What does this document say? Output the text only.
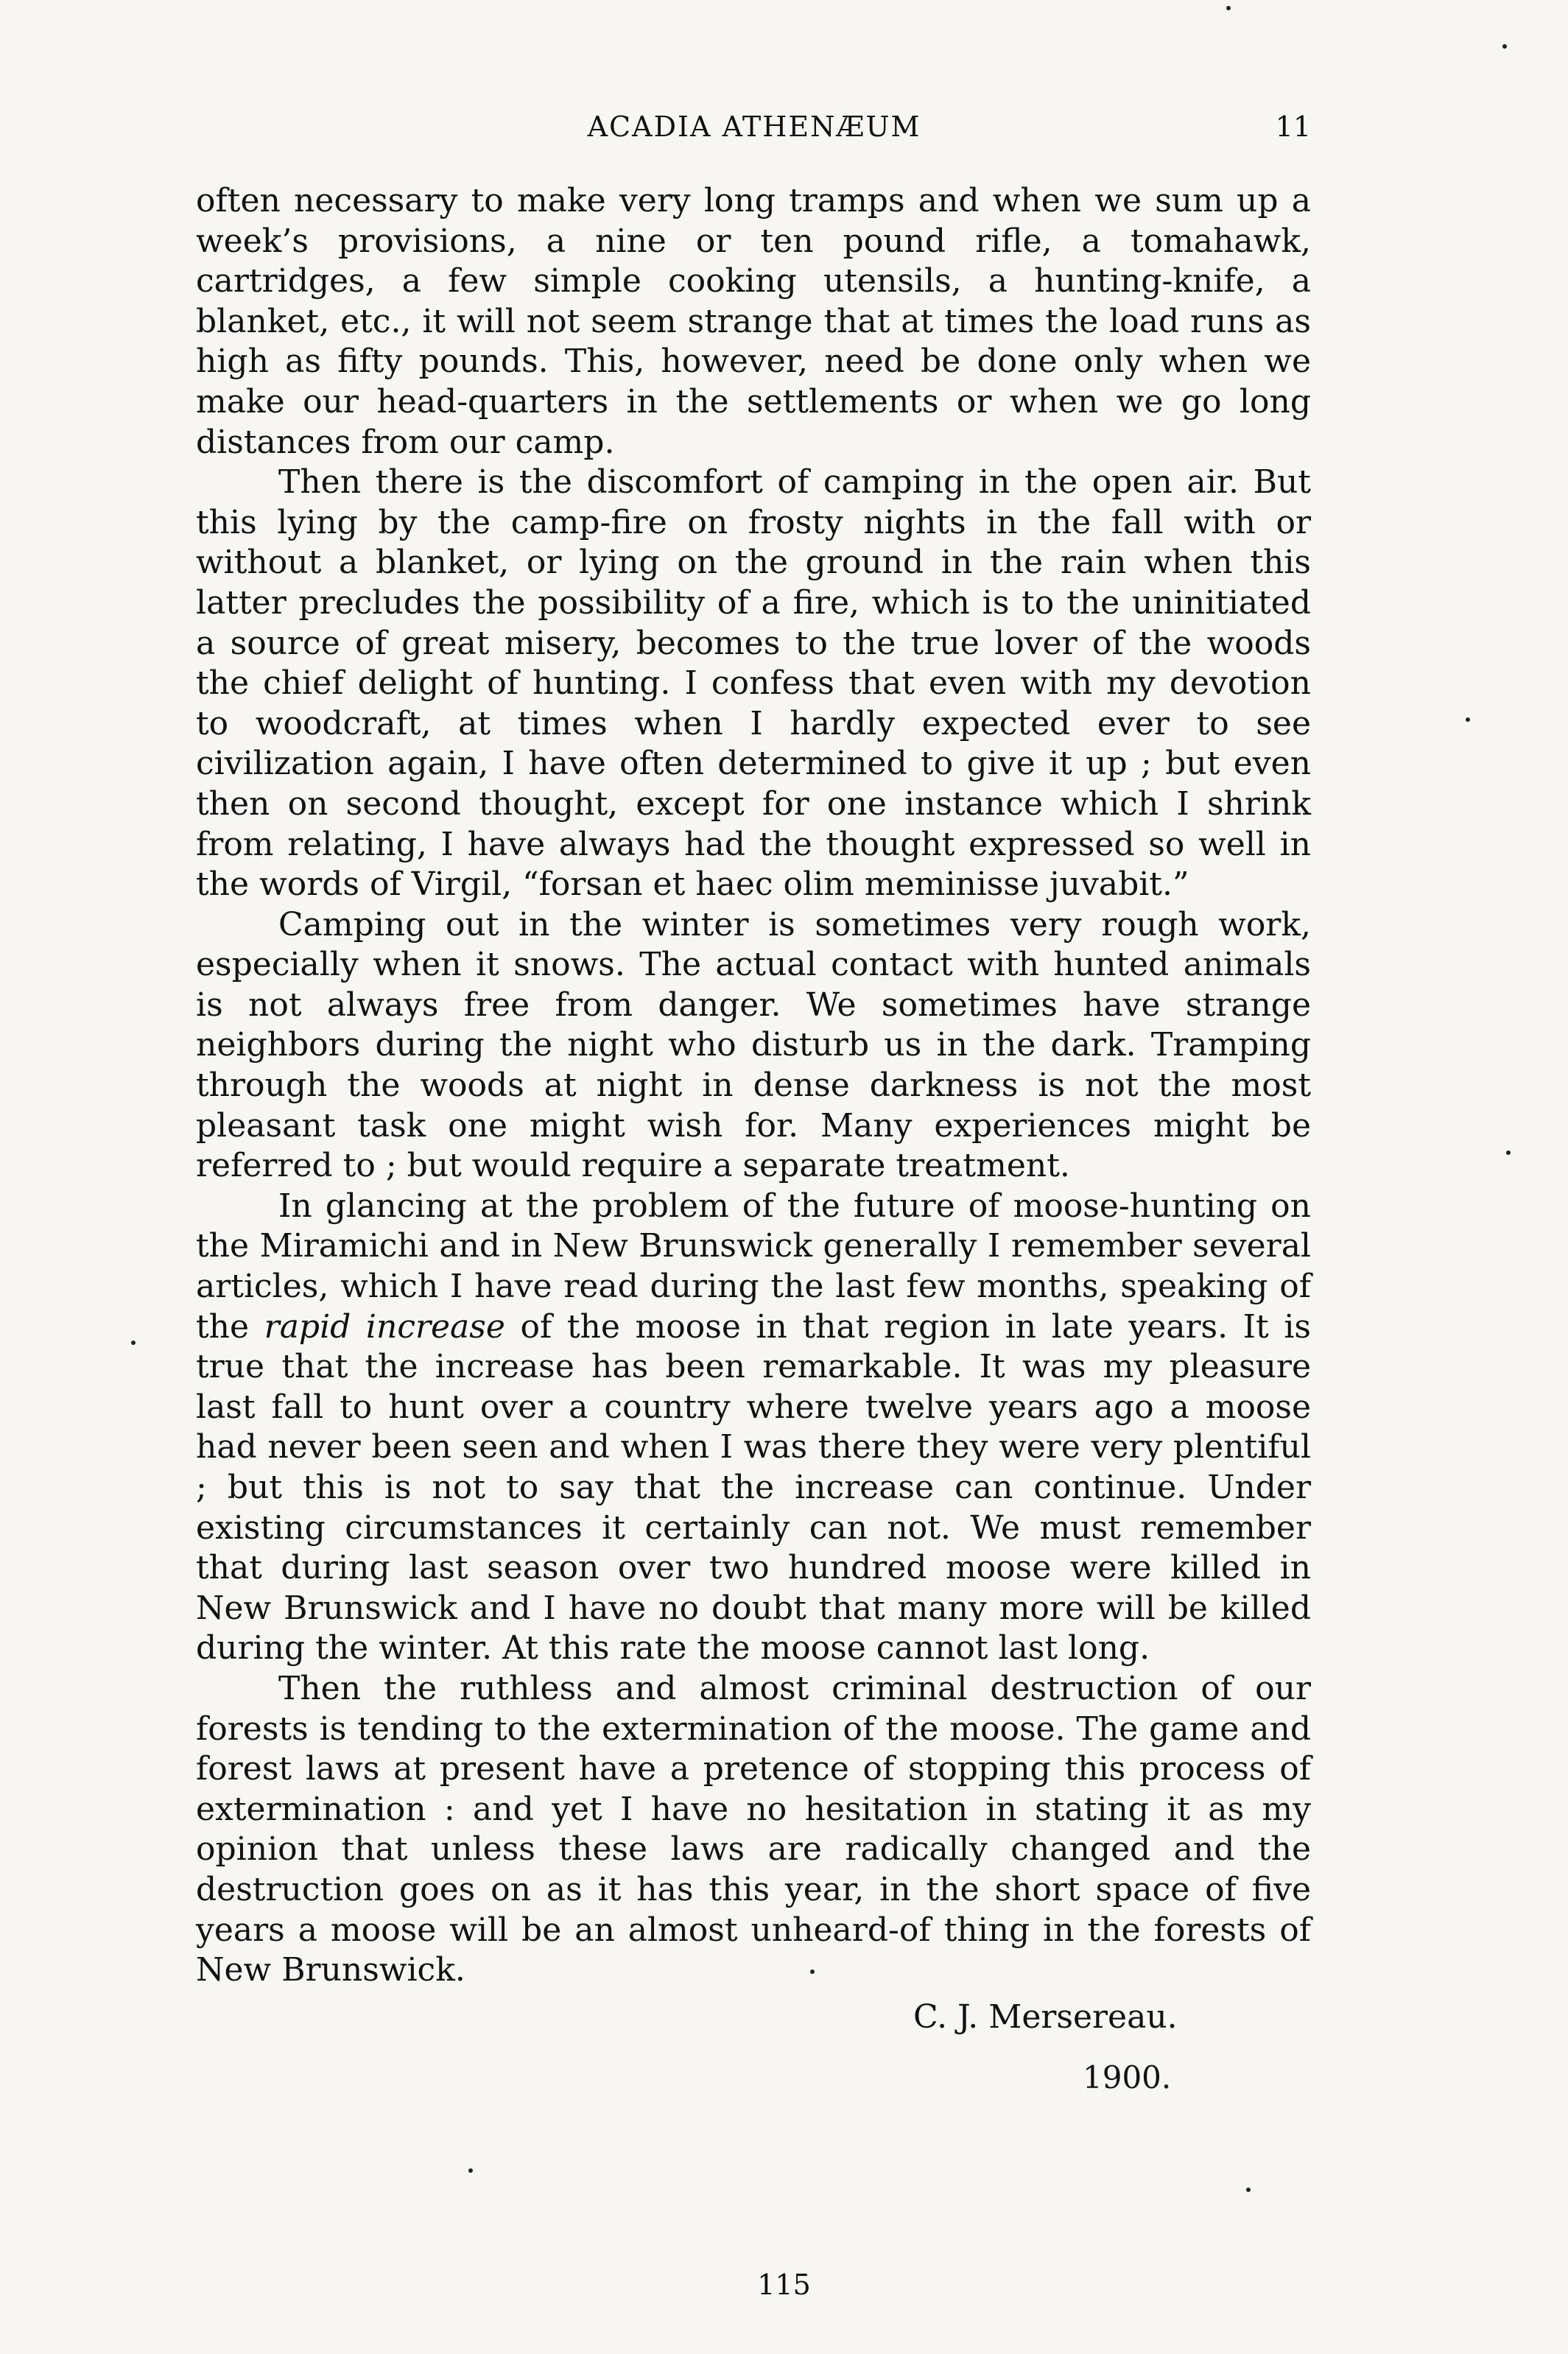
ACADIA ATHENÆUM	11

often necessary to make very long tramps and when we sum up a week’s provisions, a nine or ten pound rifle, a tomahawk, cartridges, a few simple cooking utensils, a hunting-knife, a blanket, etc., it will not seem strange that at times the load runs as high as fifty pounds. This, however, need be done only when we make our head-quarters in the settlements or when we go long distances from our camp.

Then there is the discomfort of camping in the open air. But this lying by the camp-fire on frosty nights in the fall with or without a blanket, or lying on the ground in the rain when this latter precludes the possibility of a fire, which is to the uninitiated a source of great misery, becomes to the true lover of the woods the chief delight of hunting. I confess that even with my devotion to woodcraft, at times when I hardly expected ever to see civilization again, I have often determined to give it up ; but even then on second thought, except for one instance which I shrink from relating, I have always had the thought expressed so well in the words of Virgil, “forsan et haec olim meminisse juvabit.”

Camping out in the winter is sometimes very rough work, especially when it snows. The actual contact with hunted animals is not always free from danger. We sometimes have strange neighbors during the night who disturb us in the dark. Tramping through the woods at night in dense darkness is not the most pleasant task one might wish for. Many experiences might be referred to ; but would require a separate treatment.

In glancing at the problem of the future of moose-hunting on the Miramichi and in New Brunswick generally I remember several articles, which I have read during the last few months, speaking of the rapid increase of the moose in that region in late years. It is true that the increase has been remarkable. It was my pleasure last fall to hunt over a country where twelve years ago a moose had never been seen and when I was there they were very plentiful ; but this is not to say that the increase can continue. Under existing circumstances it certainly can not. We must remember that during last season over two hundred moose were killed in New Brunswick and I have no doubt that many more will be killed during the winter. At this rate the moose cannot last long.

Then the ruthless and almost criminal destruction of our forests is tending to the extermination of the moose. The game and forest laws at present have a pretence of stopping this process of extermination : and yet I have no hesitation in stating it as my opinion that unless these laws are radically changed and the destruction goes on as it has this year, in the short space of five years a moose will be an almost unheard-of thing in the forests of New Brunswick.

C. J. Mersereau.
1900.
115
